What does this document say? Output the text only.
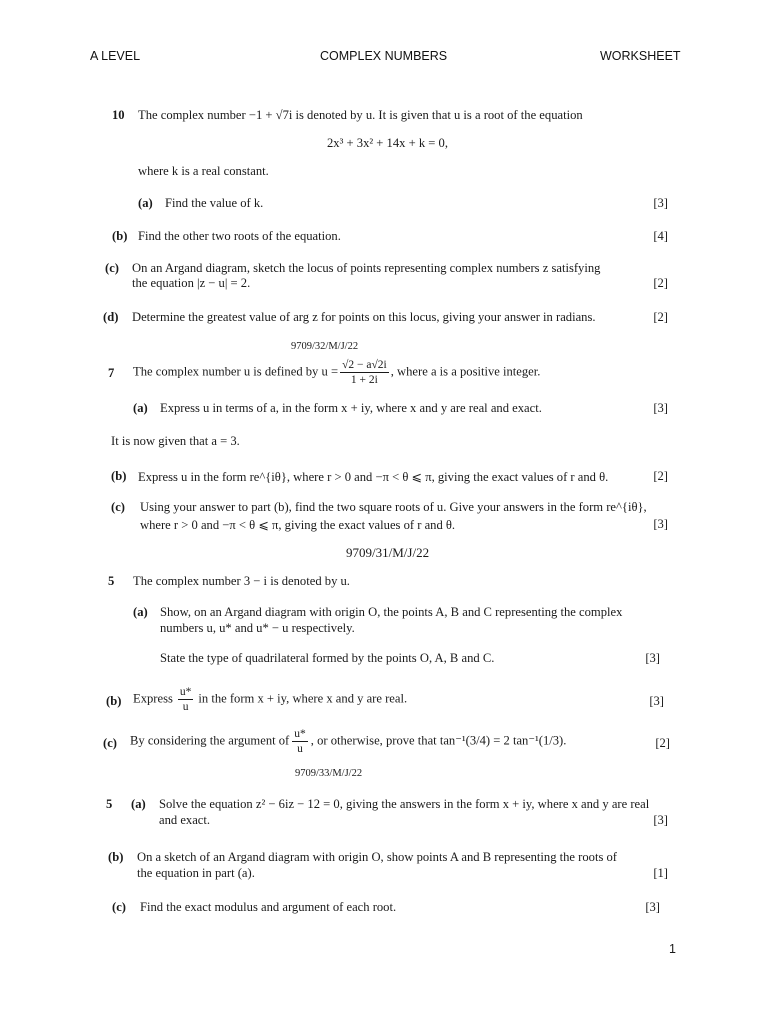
A LEVEL	COMPLEX NUMBERS	WORKSHEET
10 The complex number −1 + √7i is denoted by u. It is given that u is a root of the equation
2x³ + 3x² + 14x + k = 0,
where k is a real constant.
(a) Find the value of k.	[3]
(b) Find the other two roots of the equation.	[4]
(c) On an Argand diagram, sketch the locus of points representing complex numbers z satisfying
the equation |z − u| = 2.	[2]
(d) Determine the greatest value of arg z for points on this locus, giving your answer in radians.	[2]
9709/32/M/J/22
7 The complex number u is defined by $u = \frac{√2 - a√2i}{1 + 2i}$ , where a is a positive integer.
(a) Express u in terms of a, in the form x + iy, where x and y are real and exact.	[3]
It is now given that a = 3.
(b) Express u in the form re^{iθ}, where r > 0 and −π < θ ⩽ π, giving the exact values of r and θ.	[2]
(c) Using your answer to part (b), find the two square roots of u. Give your answers in the form re^{iθ},
where r > 0 and −π < θ ⩽ π, giving the exact values of r and θ.	[3]
9709/31/M/J/22
5 The complex number 3 − i is denoted by u.
(a) Show, on an Argand diagram with origin O, the points A, B and C representing the complex
numbers u, u* and u* − u respectively.
State the type of quadrilateral formed by the points O, A, B and C.	[3]
(b) Express $\frac{u*}{u}$ in the form x + iy, where x and y are real.	[3]
(c) By considering the argument of $\frac{u*}{u}$ , or otherwise, prove that tan⁻¹(3/4) = 2 tan⁻¹(1/3).	[2]
9709/33/M/J/22
5 (a) Solve the equation z² − 6iz − 12 = 0, giving the answers in the form x + iy, where x and y are real
and exact.	[3]
(b) On a sketch of an Argand diagram with origin O, show points A and B representing the roots of
the equation in part (a).	[1]
(c) Find the exact modulus and argument of each root.	[3]
1
